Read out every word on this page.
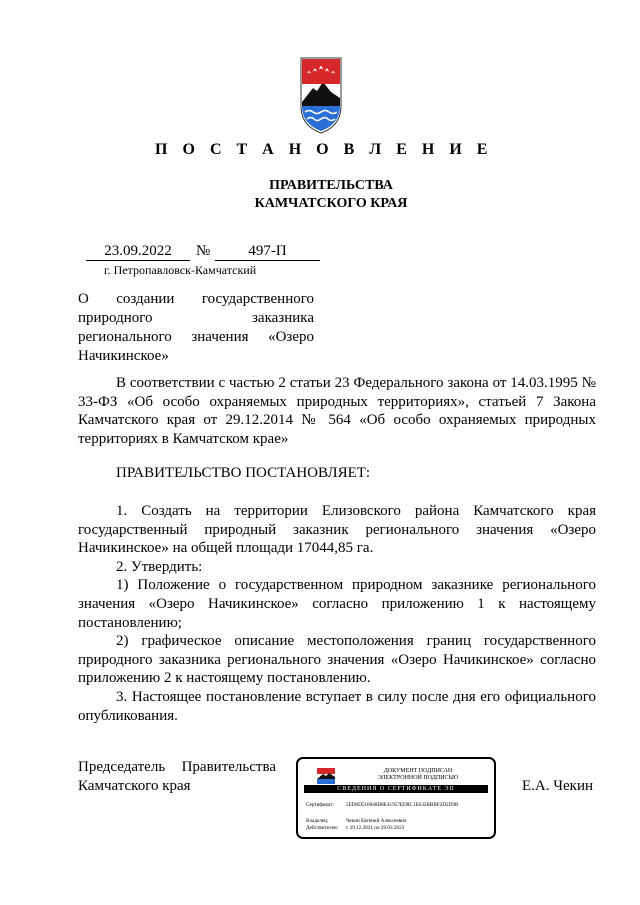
П О С Т А Н О В Л Е Н И Е
ПРАВИТЕЛЬСТВА
КАМЧАТСКОГО КРАЯ
23.09.2022	№	497-П
г. Петропавловск-Камчатский
О создании государственного природного заказника регионального значения «Озеро Начикинское»

В соответствии с частью 2 статьи 23 Федерального закона от 14.03.1995 № 33-ФЗ «Об особо охраняемых природных территориях», статьей 7 Закона Камчатского края от 29.12.2014 № 564 «Об особо охраняемых природных территориях в Камчатском крае»

ПРАВИТЕЛЬСТВО ПОСТАНОВЛЯЕТ:

1. Создать на территории Елизовского района Камчатского края государственный природный заказник регионального значения «Озеро Начикинское» на общей площади 17044,85 га.

2. Утвердить:

1) Положение о государственном природном заказнике регионального значения «Озеро Начикинское» согласно приложению 1 к настоящему постановлению;

2) графическое описание местоположения границ государственного природного заказника регионального значения «Озеро Начикинское» согласно приложению 2 к настоящему постановлению.

3. Настоящее постановление вступает в силу после дня его официального опубликования.

Председатель Правительства
Камчатского края
ДОКУМЕНТ ПОДПИСАН
ЭЛЕКТРОННОЙ ПОДПИСЬЮ
СВЕДЕНИЯ О СЕРТИФИКАТЕ ЭП
Сертификат:	5ED6D516048D8E41957ED8C1E632BBBF2D2D9B
Владелец:	Чекин Евгений Алексеевич
Действителен:	с 29.12.2021 по 29.03.2023
Е.А. Чекин
